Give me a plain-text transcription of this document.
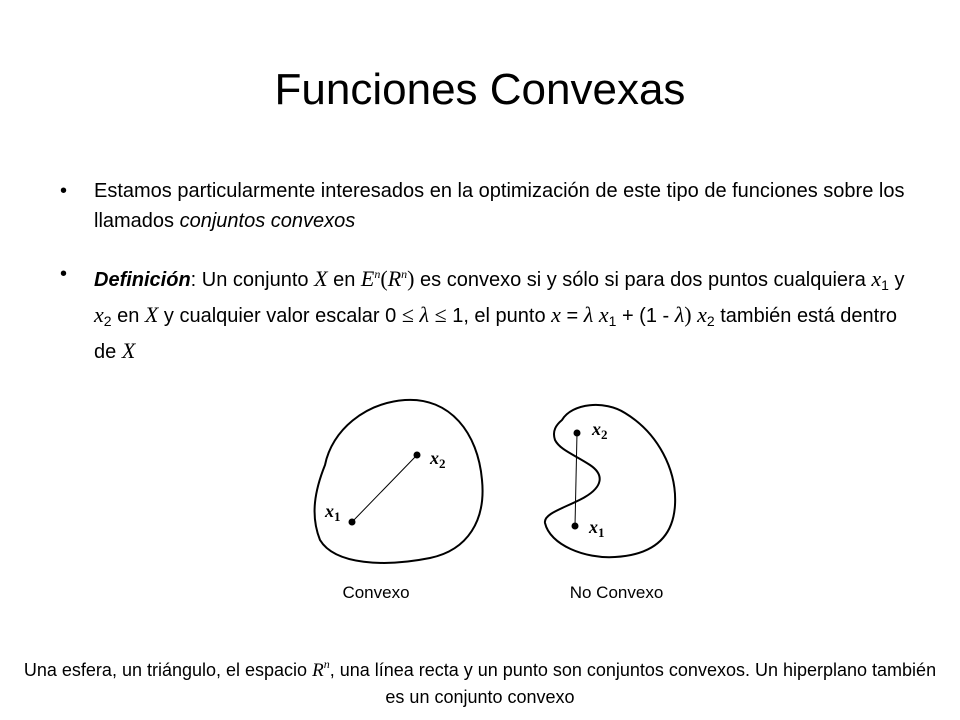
Funciones Convexas
• Estamos particularmente interesados en la optimización de este tipo de funciones sobre los llamados conjuntos convexos
• Definición: Un conjunto X en $E^n(R^n)$ es convexo si y sólo si para dos puntos cualquiera $x_1$ y $x_2$ en X y cualquier valor escalar 0 ≤ λ ≤ 1, el punto x = λ $x_1 + (1 - \lambda)$ $x_2$ también está dentro de X
$x_2$
$x_1$
$x_2$
$x_1$
Convexo	No Convexo
Una esfera, un triángulo, el espacio $R^n$, una línea recta y un punto son conjuntos convexos. Un hiperplano también es un conjunto convexo
